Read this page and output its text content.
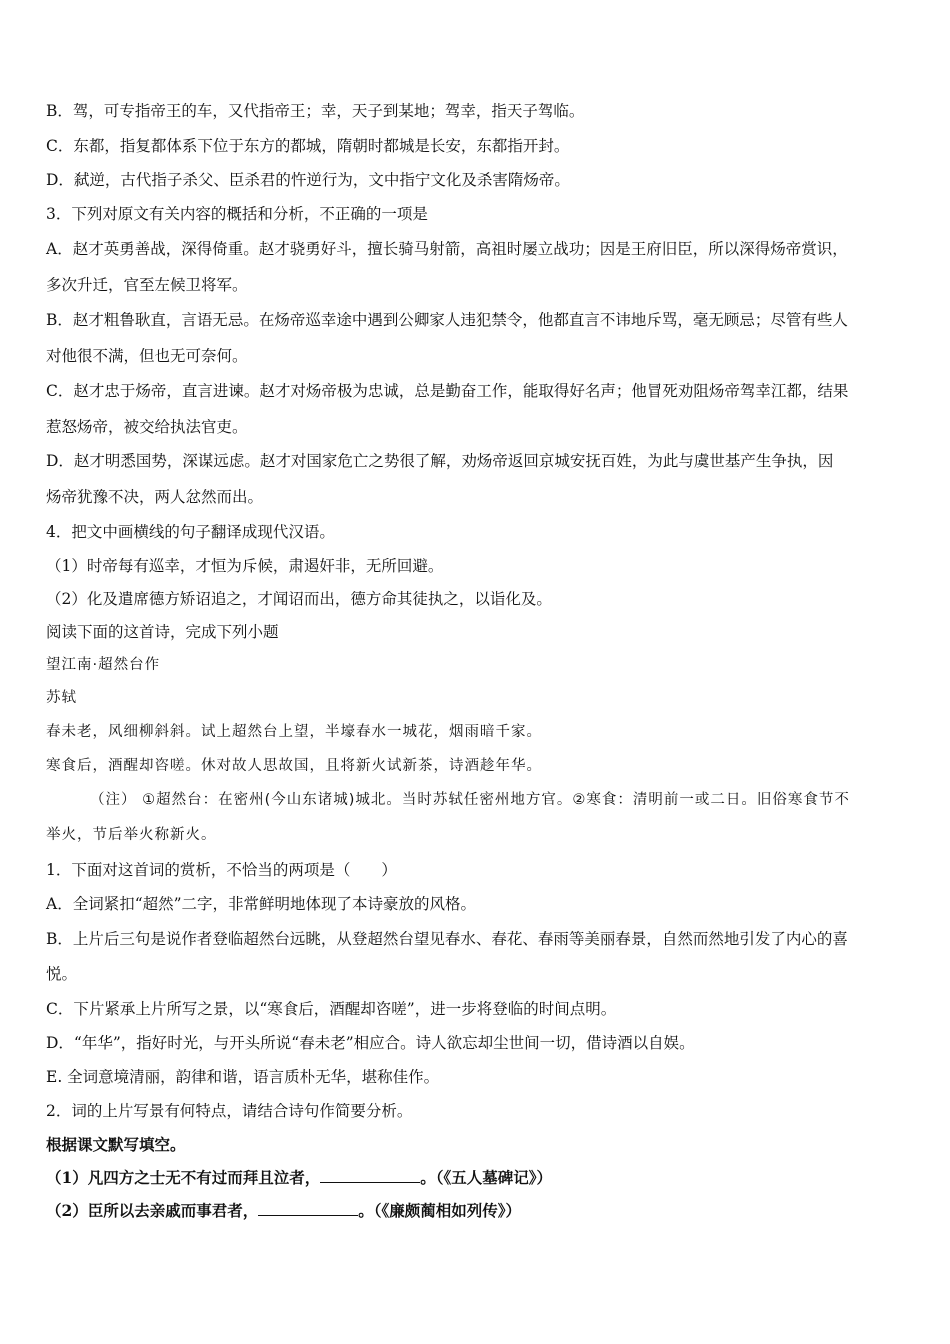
B．驾，可专指帝王的车，又代指帝王；幸，天子到某地；驾幸，指天子驾临。
C．东都，指复都体系下位于东方的都城，隋朝时都城是长安，东都指开封。
D．弑逆，古代指子杀父、臣杀君的忤逆行为，文中指宁文化及杀害隋炀帝。
3．下列对原文有关内容的概括和分析，不正确的一项是
A．赵才英勇善战，深得倚重。赵才骁勇好斗，擅长骑马射箭，高祖时屡立战功；因是王府旧臣，所以深得炀帝赏识，
多次升迁，官至左候卫将军。
B．赵才粗鲁耿直，言语无忌。在炀帝巡幸途中遇到公卿家人违犯禁令，他都直言不讳地斥骂，毫无顾忌；尽管有些人
对他很不满，但也无可奈何。
C．赵才忠于炀帝，直言进谏。赵才对炀帝极为忠诚，总是勤奋工作，能取得好名声；他冒死劝阻炀帝驾幸江都，结果
惹怒炀帝，被交给执法官吏。
D．赵才明悉国势，深谋远虑。赵才对国家危亡之势很了解，劝炀帝返回京城安抚百姓，为此与虞世基产生争执，因
炀帝犹豫不决，两人忿然而出。
4．把文中画横线的句子翻译成现代汉语。
（1）时帝每有巡幸，才恒为斥候，肃遏奸非，无所回避。
（2）化及遣席德方矫诏追之，才闻诏而出，德方命其徒执之，以诣化及。
阅读下面的这首诗，完成下列小题
望江南·超然台作
苏轼
春未老，风细柳斜斜。试上超然台上望，半壕春水一城花，烟雨暗千家。
寒食后，酒醒却咨嗟。休对故人思故国，且将新火试新茶，诗酒趁年华。
（注） ①超然台：在密州(今山东诸城)城北。当时苏轼任密州地方官。②寒食：清明前一或二日。旧俗寒食节不
举火，节后举火称新火。
1．下面对这首词的赏析，不恰当的两项是（　　）
A．全词紧扣“超然”二字，非常鲜明地体现了本诗豪放的风格。
B．上片后三句是说作者登临超然台远眺，从登超然台望见春水、春花、春雨等美丽春景，自然而然地引发了内心的喜
悦。
C．下片紧承上片所写之景，以“寒食后，酒醒却咨嗟”，进一步将登临的时间点明。
D．“年华”，指好时光，与开头所说“春未老”相应合。诗人欲忘却尘世间一切，借诗酒以自娱。
E. 全词意境清丽，韵律和谐，语言质朴无华，堪称佳作。
2．词的上片写景有何特点，请结合诗句作简要分析。
根据课文默写填空。
（1）凡四方之士无不有过而拜且泣者，	。（《五人墓碑记》）
（2）臣所以去亲戚而事君者，	。（《廉颇蔺相如列传》）
